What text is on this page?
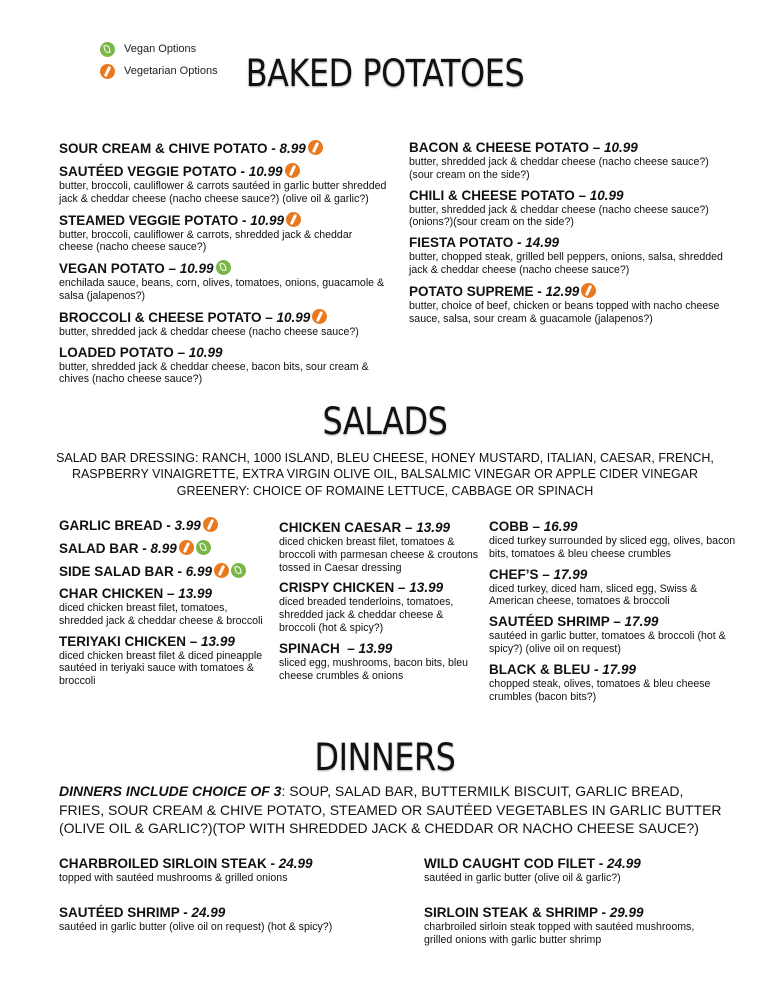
Vegan Options
Vegetarian Options BAKED POTATOES
SOUR CREAM & CHIVE POTATO - 8.99
SAUTÉED VEGGIE POTATO - 10.99
butter, broccoli, cauliflower & carrots sautéed in garlic butter shredded jack & cheddar cheese (nacho cheese sauce?) (olive oil & garlic?)
STEAMED VEGGIE POTATO - 10.99
butter, broccoli, cauliflower & carrots, shredded jack & cheddar cheese (nacho cheese sauce?)
VEGAN POTATO – 10.99
enchilada sauce, beans, corn, olives, tomatoes, onions, guacamole & salsa (jalapenos?)
BROCCOLI & CHEESE POTATO – 10.99
butter, shredded jack & cheddar cheese (nacho cheese sauce?)
LOADED POTATO – 10.99
butter, shredded jack & cheddar cheese, bacon bits, sour cream & chives (nacho cheese sauce?)
BACON & CHEESE POTATO – 10.99
butter, shredded jack & cheddar cheese (nacho cheese sauce?) (sour cream on the side?)
CHILI & CHEESE POTATO – 10.99
butter, shredded jack & cheddar cheese (nacho cheese sauce?) (onions?)(sour cream on the side?)
FIESTA POTATO - 14.99
butter, chopped steak, grilled bell peppers, onions, salsa, shredded jack & cheddar cheese (nacho cheese sauce?)
POTATO SUPREME - 12.99
butter, choice of beef, chicken or beans topped with nacho cheese sauce, salsa, sour cream & guacamole (jalapenos?)
SALADS
SALAD BAR DRESSING: RANCH, 1000 ISLAND, BLEU CHEESE, HONEY MUSTARD, ITALIAN, CAESAR, FRENCH,
RASPBERRY VINAIGRETTE, EXTRA VIRGIN OLIVE OIL, BALSALMIC VINEGAR OR APPLE CIDER VINEGAR
GREENERY: CHOICE OF ROMAINE LETTUCE, CABBAGE OR SPINACH
GARLIC BREAD - 3.99
SALAD BAR - 8.99
SIDE SALAD BAR - 6.99
CHAR CHICKEN – 13.99
diced chicken breast filet, tomatoes, shredded jack & cheddar cheese & broccoli
TERIYAKI CHICKEN – 13.99
diced chicken breast filet & diced pineapple sautéed in teriyaki sauce with tomatoes & broccoli
CHICKEN CAESAR – 13.99
diced chicken breast filet, tomatoes & broccoli with parmesan cheese & croutons tossed in Caesar dressing
CRISPY CHICKEN – 13.99
diced breaded tenderloins, tomatoes, shredded jack & cheddar cheese & broccoli (hot & spicy?)
SPINACH  – 13.99
sliced egg, mushrooms, bacon bits, bleu cheese crumbles & onions
COBB – 16.99
diced turkey surrounded by sliced egg, olives, bacon bits, tomatoes & bleu cheese crumbles
CHEF’S – 17.99
diced turkey, diced ham, sliced egg, Swiss & American cheese, tomatoes & broccoli
SAUTÉED SHRIMP – 17.99
sautéed in garlic butter, tomatoes & broccoli (hot & spicy?) (olive oil on request)
BLACK & BLEU - 17.99
chopped steak, olives, tomatoes & bleu cheese crumbles (bacon bits?)
DINNERS
DINNERS INCLUDE CHOICE OF 3: SOUP, SALAD BAR, BUTTERMILK BISCUIT, GARLIC BREAD, FRIES, SOUR CREAM & CHIVE POTATO, STEAMED OR SAUTÉED VEGETABLES IN GARLIC BUTTER (OLIVE OIL & GARLIC?)(TOP WITH SHREDDED JACK & CHEDDAR OR NACHO CHEESE SAUCE?)
CHARBROILED SIRLOIN STEAK - 24.99
topped with sautéed mushrooms & grilled onions
SAUTÉED SHRIMP - 24.99
sautéed in garlic butter (olive oil on request) (hot & spicy?)
WILD CAUGHT COD FILET - 24.99
sautéed in garlic butter (olive oil & garlic?)
SIRLOIN STEAK & SHRIMP - 29.99
charbroiled sirloin steak topped with sautéed mushrooms, grilled onions with garlic butter shrimp
